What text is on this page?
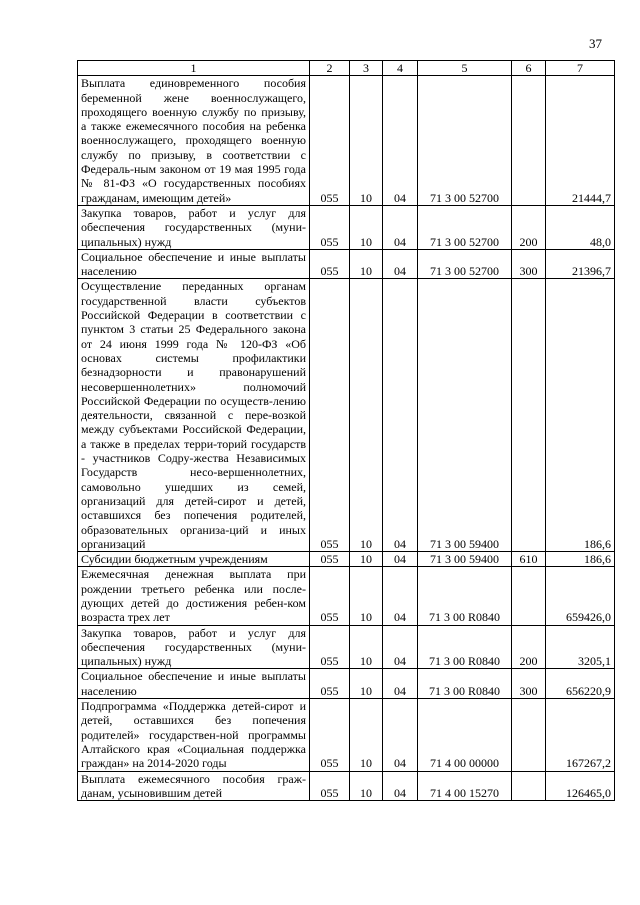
37
1	2	3	4	5	6	7
Выплата единовременного пособия беременной жене военнослужащего, проходящего военную службу по призыву, а также ежемесячного пособия на ребенка военнослужащего, проходящего военную службу по призыву, в соответствии с Федераль-ным законом от 19 мая 1995 года № 81-ФЗ «О государственных пособиях гражданам, имеющим детей»	055	10	04	71 3 00 52700		21444,7
Закупка товаров, работ и услуг для обеспечения государственных (муни-ципальных) нужд	055	10	04	71 3 00 52700	200	48,0
Социальное обеспечение и иные выплаты населению	055	10	04	71 3 00 52700	300	21396,7
Осуществление переданных органам государственной власти субъектов Российской Федерации в соответствии с пунктом 3 статьи 25 Федерального закона от 24 июня 1999 года № 120-ФЗ «Об основах системы профилактики безнадзорности и правонарушений несовершеннолетних» полномочий Российской Федерации по осуществ-лению деятельности, связанной с пере-возкой между субъектами Российской Федерации, а также в пределах терри-торий государств - участников Содру-жества Независимых Государств несо-вершеннолетних, самовольно ушедших из семей, организаций для детей-сирот и детей, оставшихся без попечения родителей, образовательных организа-ций и иных организаций	055	10	04	71 3 00 59400		186,6
Субсидии бюджетным учреждениям	055	10	04	71 3 00 59400	610	186,6
Ежемесячная денежная выплата при рождении третьего ребенка или после-дующих детей до достижения ребен-ком возраста трех лет	055	10	04	71 3 00 R0840		659426,0
Закупка товаров, работ и услуг для обеспечения государственных (муни-ципальных) нужд	055	10	04	71 3 00 R0840	200	3205,1
Социальное обеспечение и иные выплаты населению	055	10	04	71 3 00 R0840	300	656220,9
Подпрограмма «Поддержка детей-сирот и детей, оставшихся без попечения родителей» государствен-ной программы Алтайского края «Социальная поддержка граждан» на 2014-2020 годы	055	10	04	71 4 00 00000		167267,2
Выплата ежемесячного пособия граж-данам, усыновившим детей	055	10	04	71 4 00 15270		126465,0
